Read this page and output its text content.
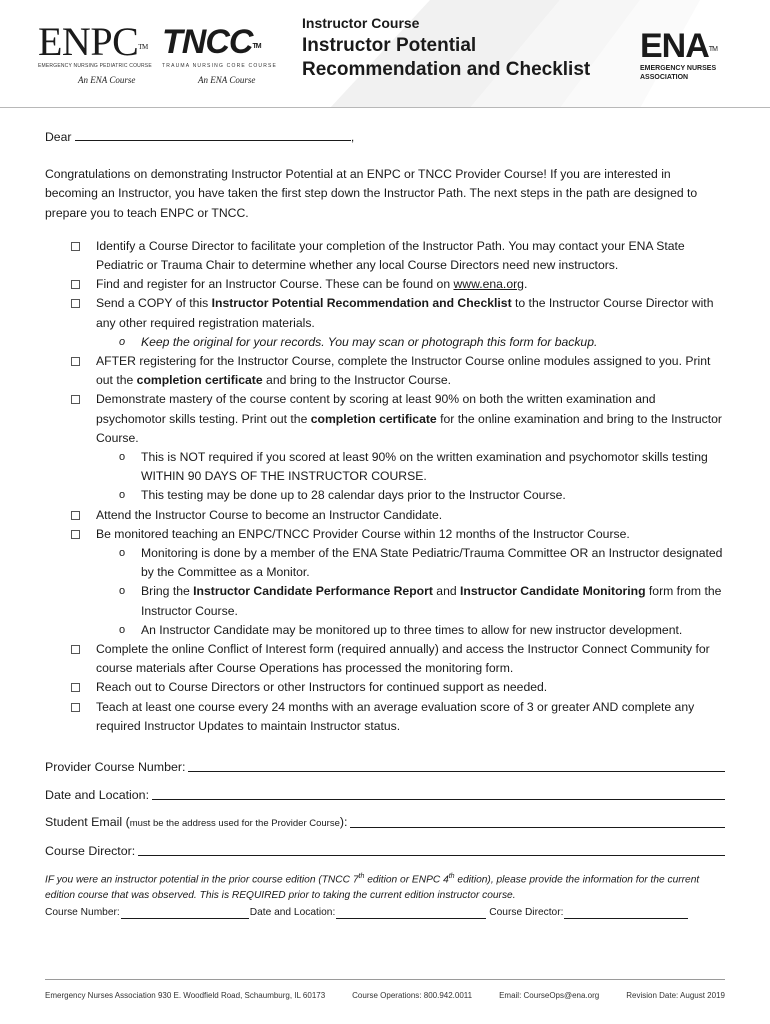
ENPC™
EMERGENCY NURSING PEDIATRIC COURSE
An ENA Course
TNCC™
TRAUMA NURSING CORE COURSE
An ENA Course
Instructor Course
Instructor Potential
Recommendation and Checklist
ENA™
EMERGENCY NURSES
ASSOCIATION
Dear	,

Congratulations on demonstrating Instructor Potential at an ENPC or TNCC Provider Course! If you are interested in becoming an Instructor, you have taken the first step down the Instructor Path. The next steps in the path are designed to prepare you to teach ENPC or TNCC.

Identify a Course Director to facilitate your completion of the Instructor Path. You may contact your ENA State Pediatric or Trauma Chair to determine whether any local Course Directors need new instructors.
Find and register for an Instructor Course. These can be found on www.ena.org.
Send a COPY of this Instructor Potential Recommendation and Checklist to the Instructor Course Director with any other required registration materials.
o Keep the original for your records. You may scan or photograph this form for backup.
AFTER registering for the Instructor Course, complete the Instructor Course online modules assigned to you. Print out the completion certificate and bring to the Instructor Course.
Demonstrate mastery of the course content by scoring at least 90% on both the written examination and psychomotor skills testing. Print out the completion certificate for the online examination and bring to the Instructor Course.
o This is NOT required if you scored at least 90% on the written examination and psychomotor skills testing WITHIN 90 DAYS OF THE INSTRUCTOR COURSE.
o This testing may be done up to 28 calendar days prior to the Instructor Course.
Attend the Instructor Course to become an Instructor Candidate.
Be monitored teaching an ENPC/TNCC Provider Course within 12 months of the Instructor Course.
o Monitoring is done by a member of the ENA State Pediatric/Trauma Committee OR an Instructor designated by the Committee as a Monitor.
o Bring the Instructor Candidate Performance Report and Instructor Candidate Monitoring form from the Instructor Course.
o An Instructor Candidate may be monitored up to three times to allow for new instructor development.
Complete the online Conflict of Interest form (required annually) and access the Instructor Connect Community for course materials after Course Operations has processed the monitoring form.
Reach out to Course Directors or other Instructors for continued support as needed.
Teach at least one course every 24 months with an average evaluation score of 3 or greater AND complete any required Instructor Updates to maintain Instructor status.
Provider Course Number:
Date and Location:
Student Email (must be the address used for the Provider Course):
Course Director:
IF you were an instructor potential in the prior course edition (TNCC 7th edition or ENPC 4th edition), please provide the information for the current edition course that was observed. This is REQUIRED prior to taking the current edition instructor course.
Course Number:	Date and Location:	Course Director:
Emergency Nurses Association 930 E. Woodfield Road, Schaumburg, IL 60173	Course Operations: 800.942.0011	Email: CourseOps@ena.org	Revision Date: August 2019
